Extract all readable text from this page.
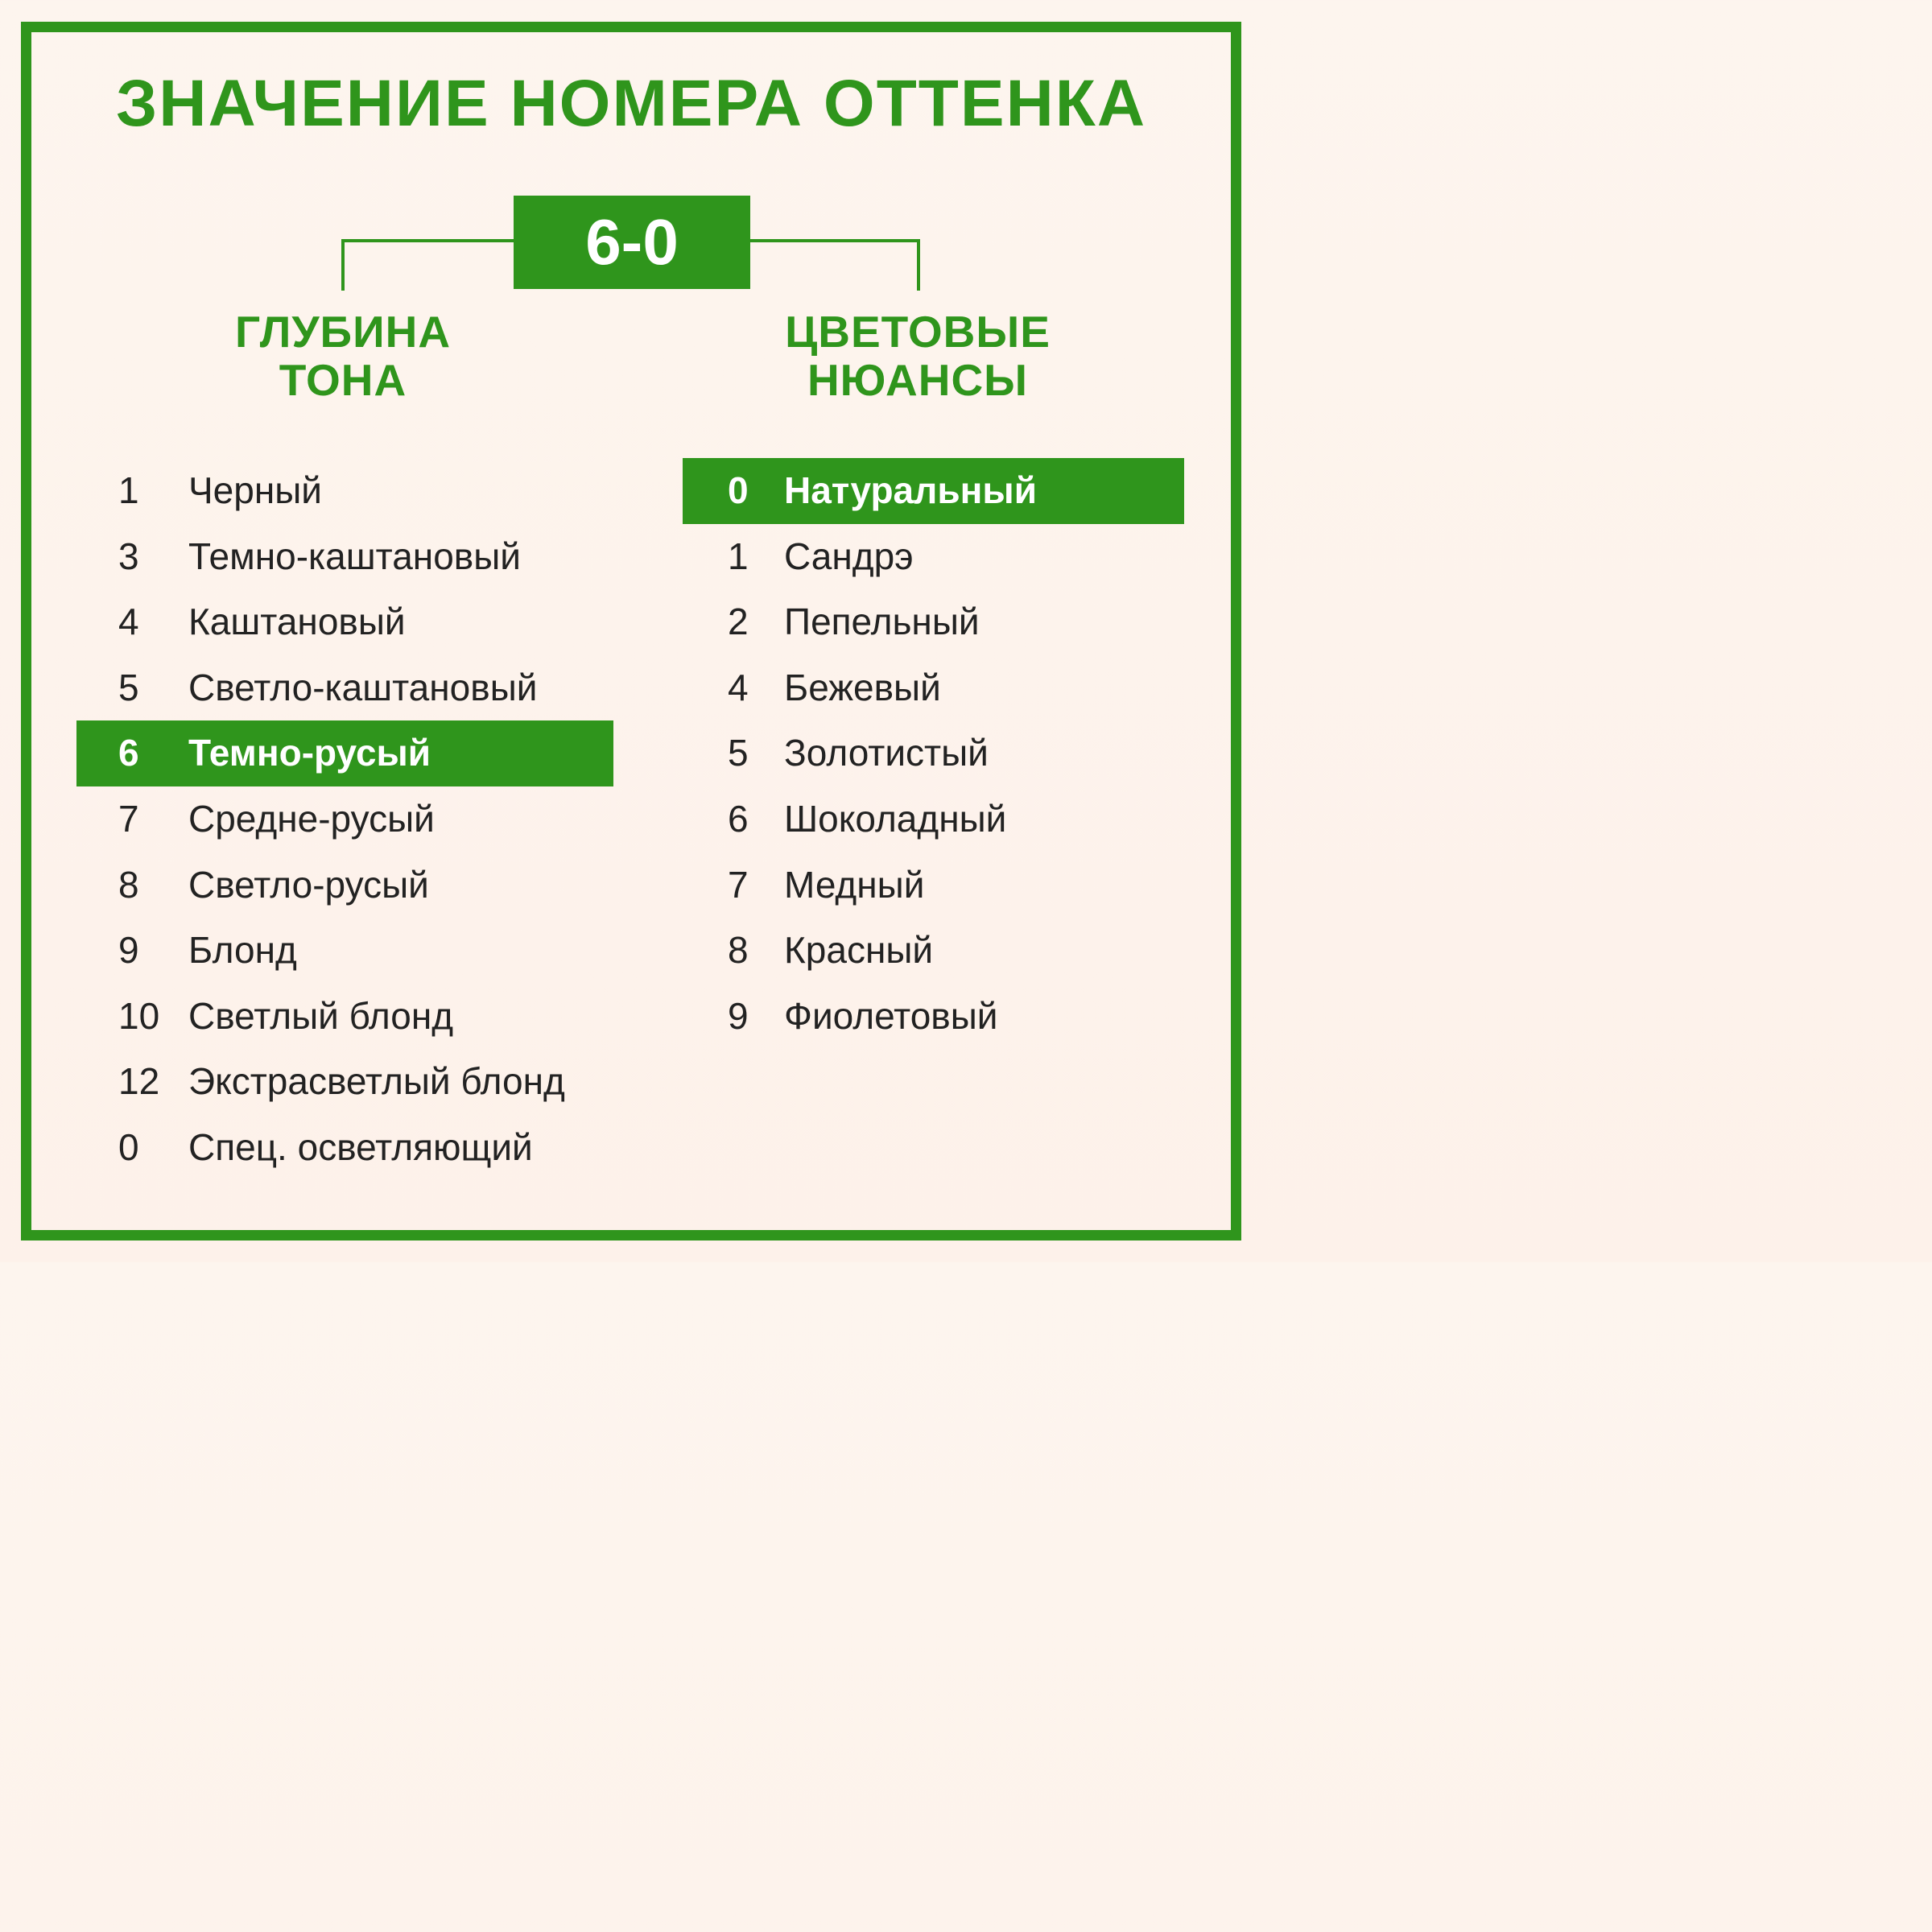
ЗНАЧЕНИЕ НОМЕРА ОТТЕНКА
6-0
ГЛУБИНА
ТОНА
ЦВЕТОВЫЕ
НЮАНСЫ
1 Черный
3 Темно-каштановый
4 Каштановый
5 Светло-каштановый
6 Темно-русый
7 Средне-русый
8 Светло-русый
9 Блонд
10 Светлый блонд
12 Экстрасветлый блонд
0 Спец. осветляющий
0 Натуральный
1 Сандрэ
2 Пепельный
4 Бежевый
5 Золотистый
6 Шоколадный
7 Медный
8 Красный
9 Фиолетовый
